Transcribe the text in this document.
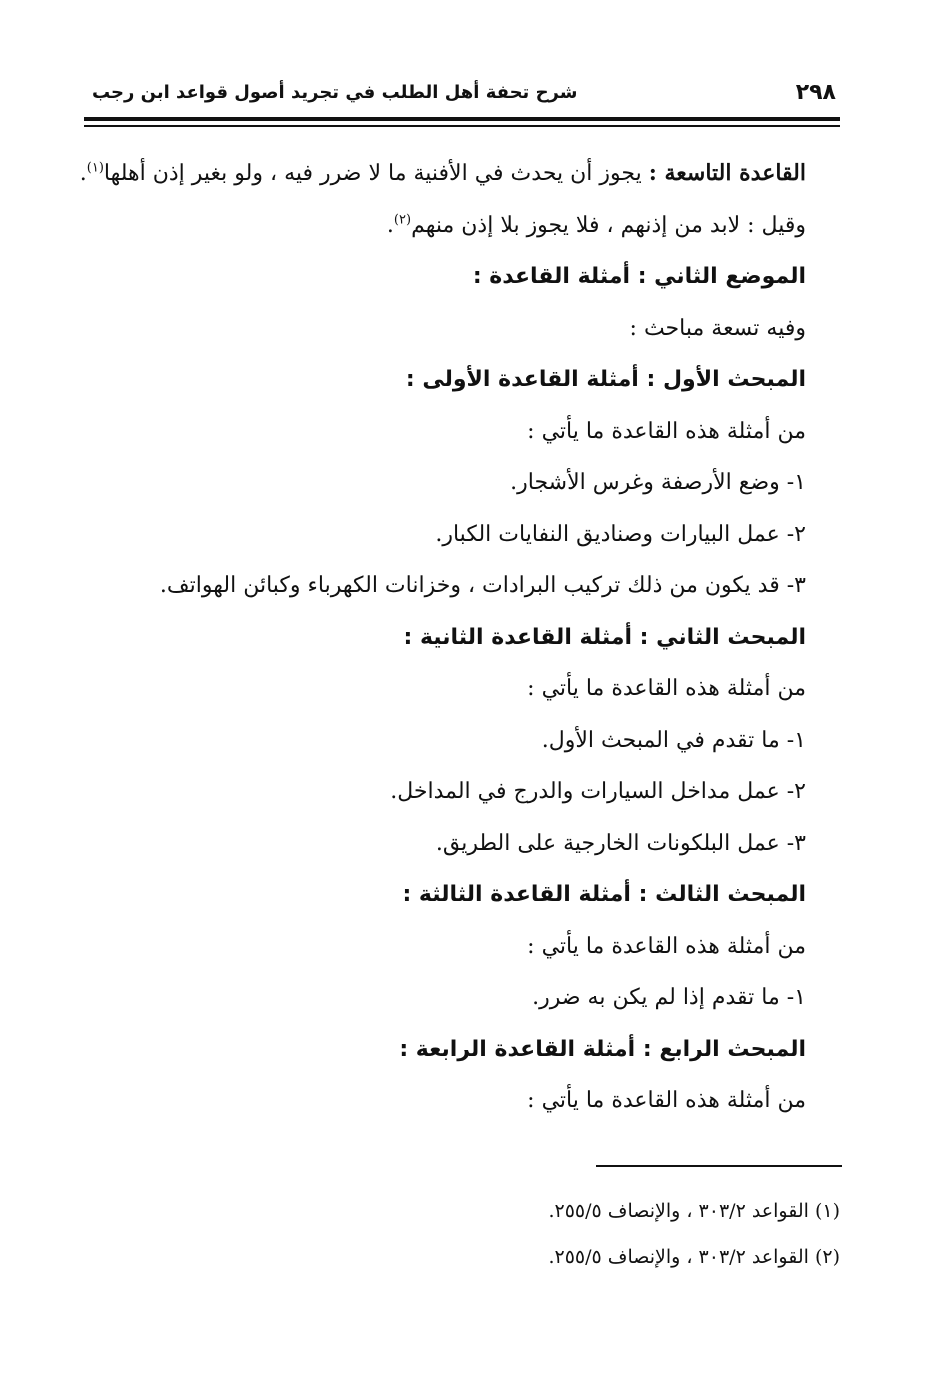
٢٩٨
شرح تحفة أهل الطلب في تجريد أصول قواعد ابن رجب
القاعدة التاسعة : يجوز أن يحدث في الأفنية ما لا ضرر فيه ، ولو بغير إذن أهلها$^{(١)}$.
وقيل : لابد من إذنهم ، فلا يجوز بلا إذن منهم$^{(٢)}$.
الموضع الثاني : أمثلة القاعدة :
وفيه تسعة مباحث :
المبحث الأول : أمثلة القاعدة الأولى :
من أمثلة هذه القاعدة ما يأتي :
١- وضع الأرصفة وغرس الأشجار.
٢- عمل البيارات وصناديق النفايات الكبار.
٣- قد يكون من ذلك تركيب البرادات ، وخزانات الكهرباء وكبائن الهواتف.
المبحث الثاني : أمثلة القاعدة الثانية :
من أمثلة هذه القاعدة ما يأتي :
١- ما تقدم في المبحث الأول.
٢- عمل مداخل السيارات والدرج في المداخل.
٣- عمل البلكونات الخارجية على الطريق.
المبحث الثالث : أمثلة القاعدة الثالثة :
من أمثلة هذه القاعدة ما يأتي :
١- ما تقدم إذا لم يكن به ضرر.
المبحث الرابع : أمثلة القاعدة الرابعة :
من أمثلة هذه القاعدة ما يأتي :
(١) القواعد ٣٠٣/٢ ، والإنصاف ٢٥٥/٥.
(٢) القواعد ٣٠٣/٢ ، والإنصاف ٢٥٥/٥.
